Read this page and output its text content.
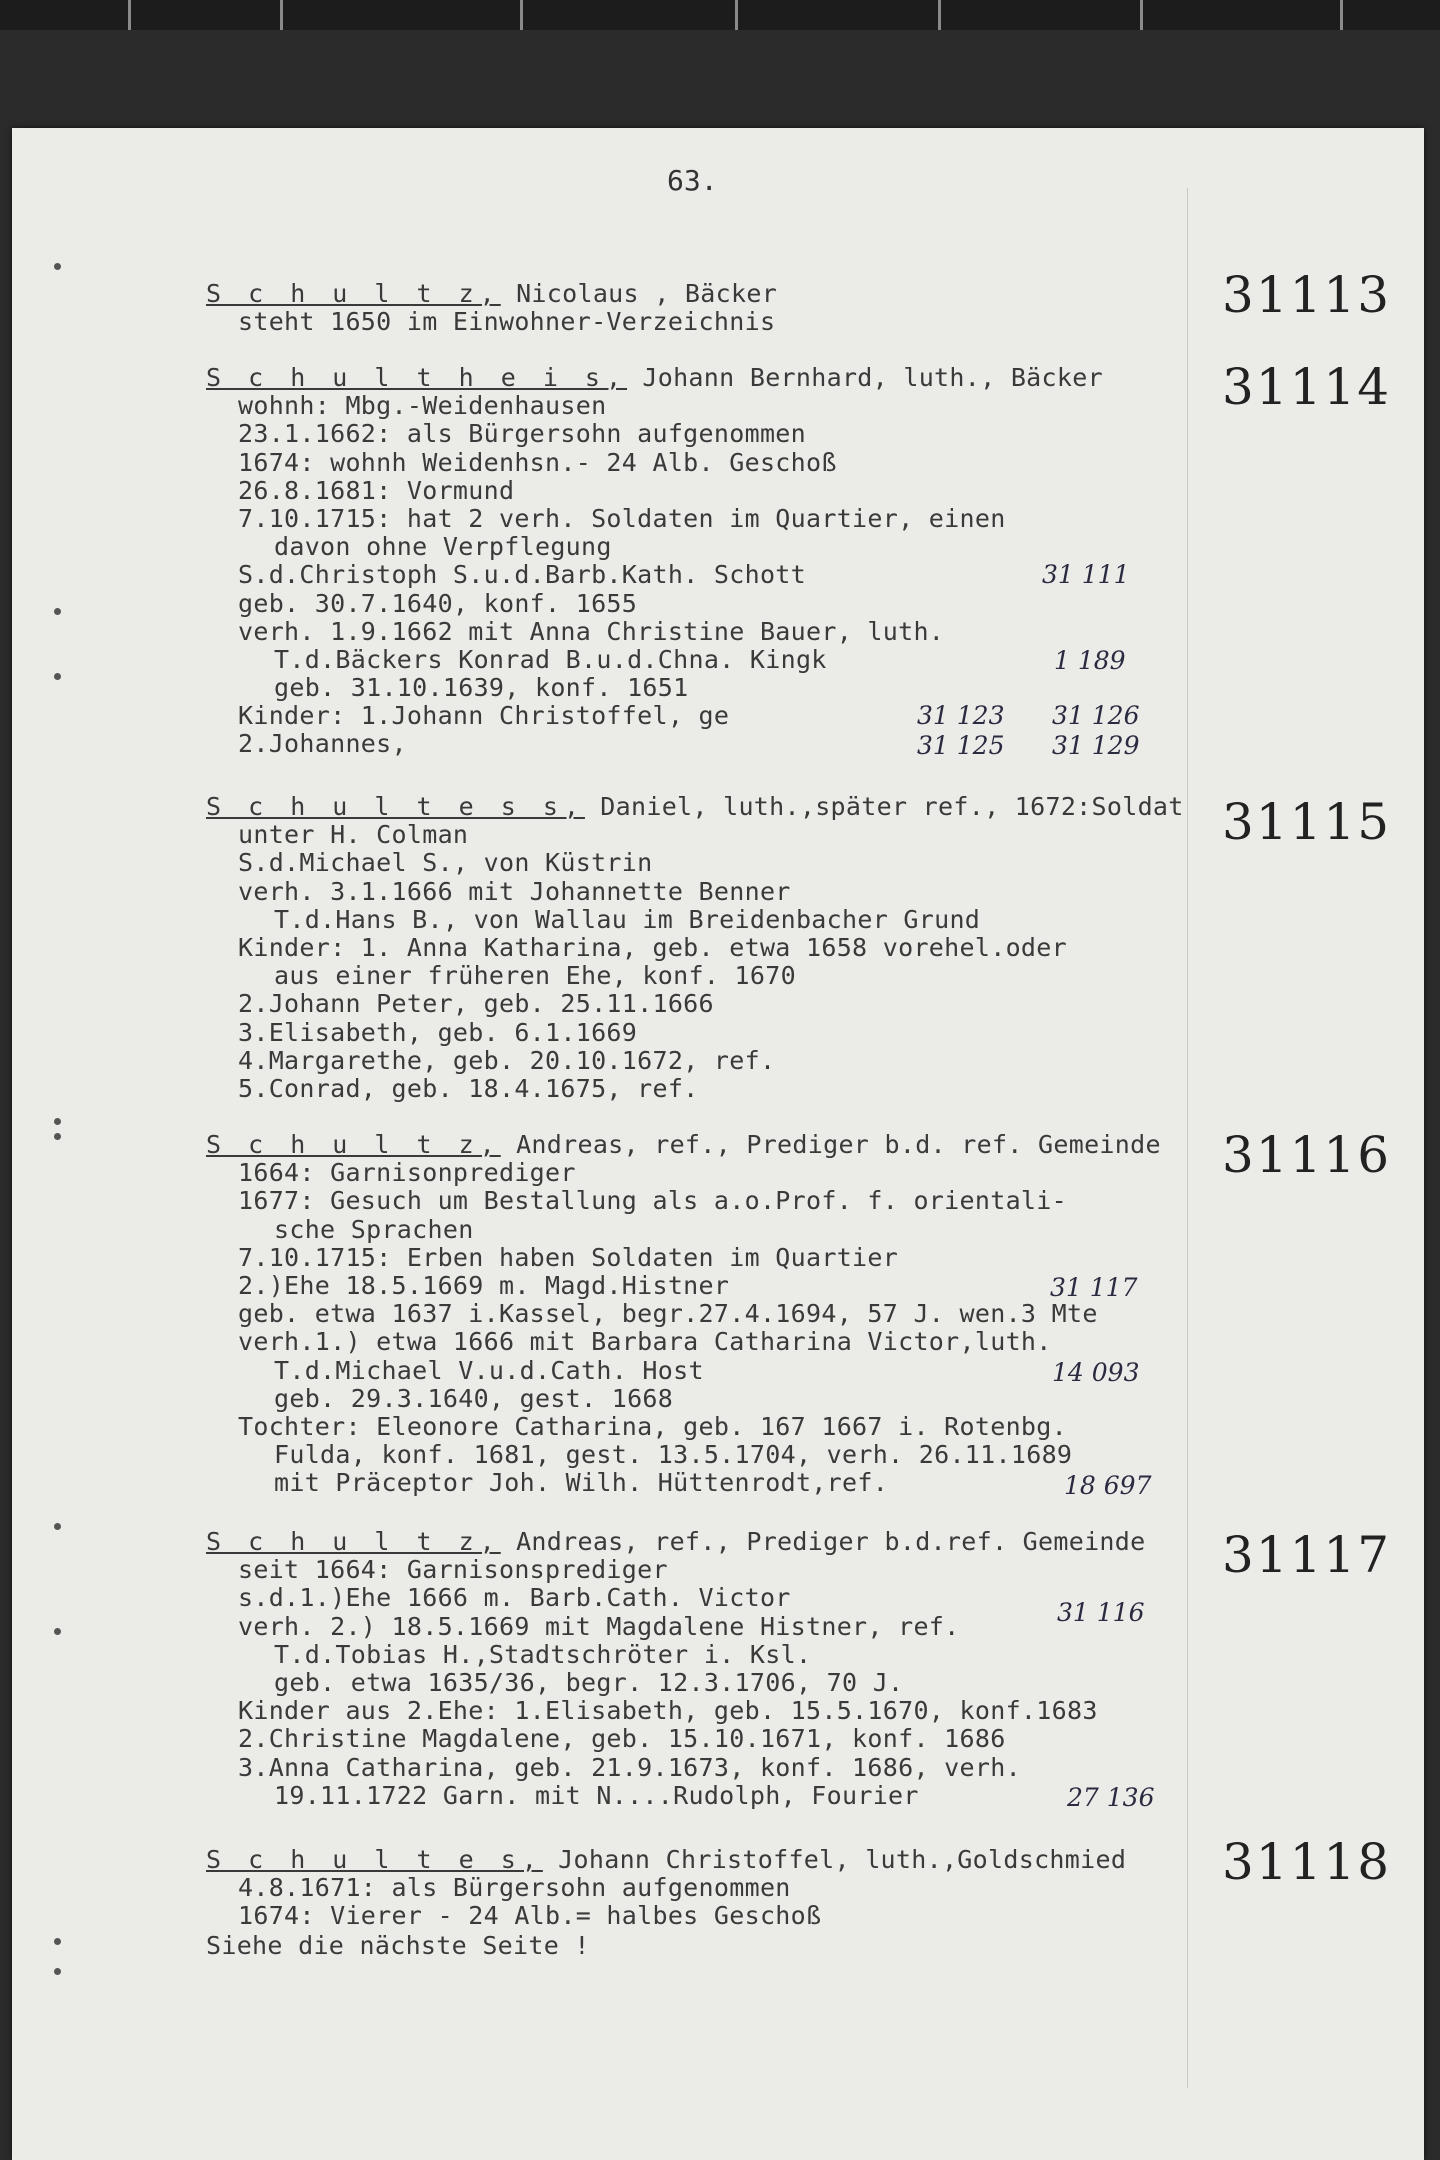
63.
S c h u l t z, Nicolaus , Bäcker
steht 1650 im Einwohner-Verzeichnis	31113
S c h u l t h e i s, Johann Bernhard, luth., Bäcker
wohnh: Mbg.-Weidenhausen
23.1.1662: als Bürgersohn aufgenommen
1674: wohnh Weidenhsn.- 24 Alb. Geschoß
26.8.1681: Vormund
7.10.1715: hat 2 verh. Soldaten im Quartier, einen
davon ohne Verpflegung
S.d.Christoph S.u.d.Barb.Kath. Schott
geb. 30.7.1640, konf. 1655
verh. 1.9.1662 mit Anna Christine Bauer, luth.
T.d.Bäckers Konrad B.u.d.Chna. Kingk
geb. 31.10.1639, konf. 1651
Kinder: 1.Johann Christoffel, ge
2.Johannes,
31114
31 111
1 189
31 123 31 126
31 125 31 129
S c h u l t e s s, Daniel, luth.,später ref., 1672:Soldat
unter H. Colman
S.d.Michael S., von Küstrin
verh. 3.1.1666 mit Johannette Benner
T.d.Hans B., von Wallau im Breidenbacher Grund
Kinder: 1. Anna Katharina, geb. etwa 1658 vorehel.oder
aus einer früheren Ehe, konf. 1670
2.Johann Peter, geb. 25.11.1666
3.Elisabeth, geb. 6.1.1669
4.Margarethe, geb. 20.10.1672, ref.
5.Conrad, geb. 18.4.1675, ref.
31115
S c h u l t z, Andreas, ref., Prediger b.d. ref. Gemeinde
1664: Garnisonprediger
1677: Gesuch um Bestallung als a.o.Prof. f. orientali-
sche Sprachen
7.10.1715: Erben haben Soldaten im Quartier
2.)Ehe 18.5.1669 m. Magd.Histner
geb. etwa 1637 i.Kassel, begr.27.4.1694, 57 J. wen.3 Mte
verh.1.) etwa 1666 mit Barbara Catharina Victor,luth.
T.d.Michael V.u.d.Cath. Host
geb. 29.3.1640, gest. 1668
Tochter: Eleonore Catharina, geb. 167 1667 i. Rotenbg.
Fulda, konf. 1681, gest. 13.5.1704, verh. 26.11.1689
mit Präceptor Joh. Wilh. Hüttenrodt,ref.
31116
31 117
14 093
18 697
S c h u l t z, Andreas, ref., Prediger b.d.ref. Gemeinde
seit 1664: Garnisonsprediger
s.d.1.)Ehe 1666 m. Barb.Cath. Victor
verh. 2.) 18.5.1669 mit Magdalene Histner, ref.
T.d.Tobias H.,Stadtschröter i. Ksl.
geb. etwa 1635/36, begr. 12.3.1706, 70 J.
Kinder aus 2.Ehe: 1.Elisabeth, geb. 15.5.1670, konf.1683
2.Christine Magdalene, geb. 15.10.1671, konf. 1686
3.Anna Catharina, geb. 21.9.1673, konf. 1686, verh.
19.11.1722 Garn. mit N....Rudolph, Fourier
31117
31 116
27 136
S c h u l t e s, Johann Christoffel, luth.,Goldschmied
4.8.1671: als Bürgersohn aufgenommen
1674: Vierer - 24 Alb.= halbes Geschoß
31118
Siehe die nächste Seite !
